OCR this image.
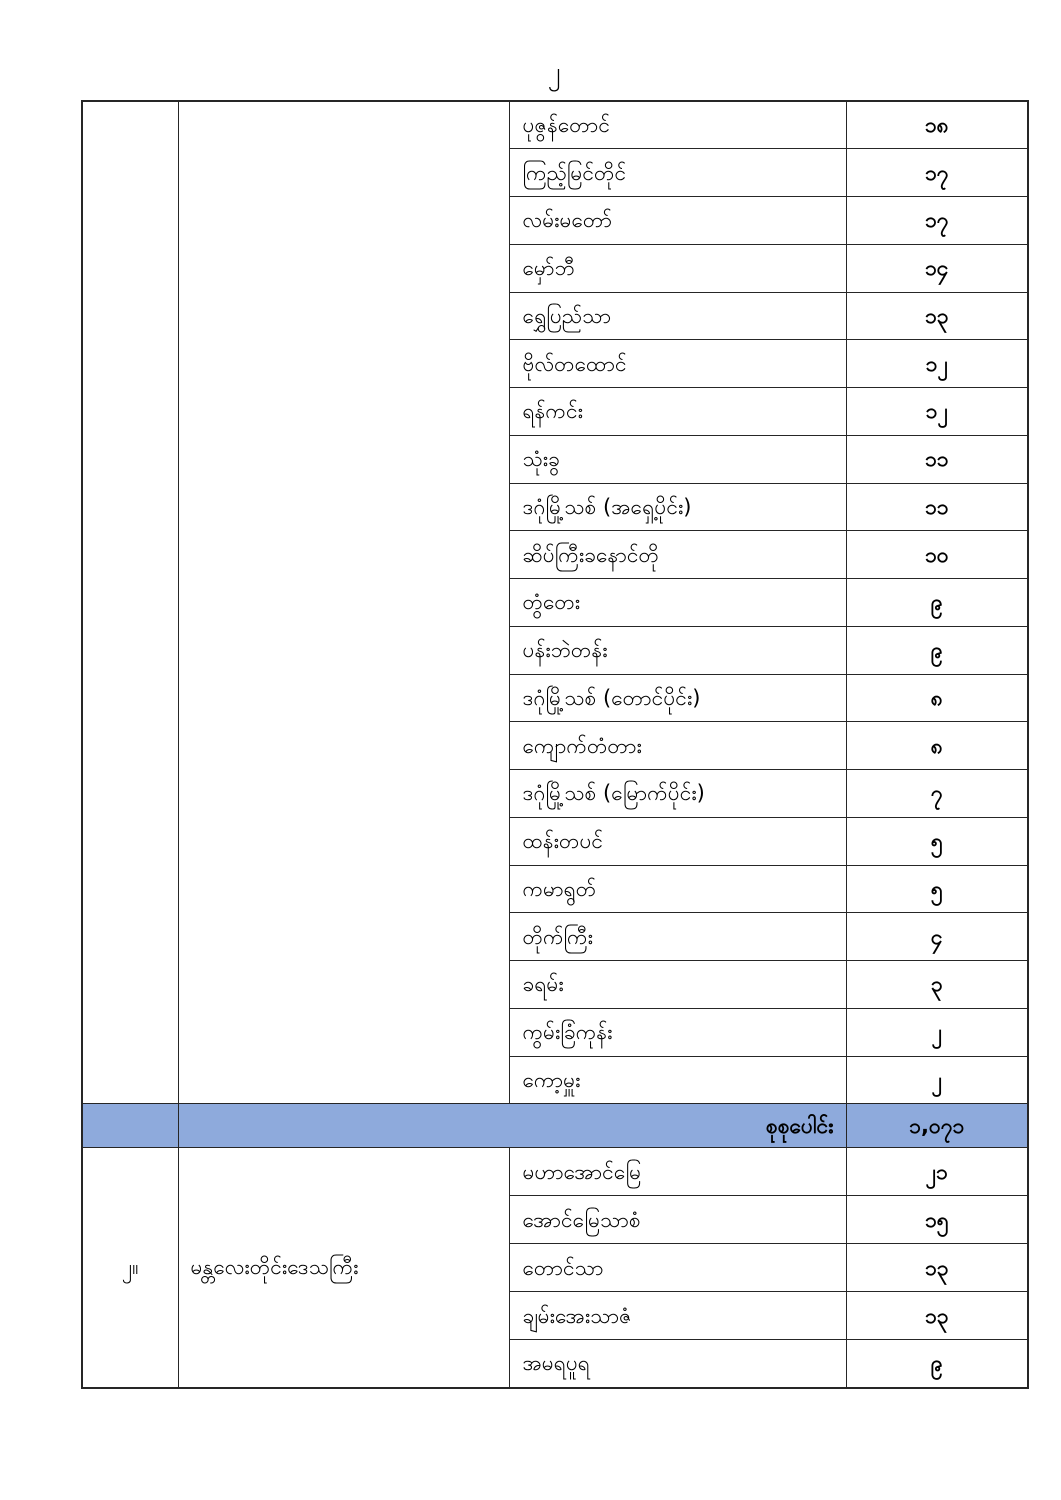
၂
		ပုဇွန်တောင်	၁၈
		ကြည့်မြင်တိုင်	၁၇
		လမ်းမတော်	၁၇
		မှော်ဘီ	၁၄
		ရွှေပြည်သာ	၁၃
		ဗိုလ်တထောင်	၁၂
		ရန်ကင်း	၁၂
		သုံးခွ	၁၁
		ဒဂုံမြို့သစ် (အရှေ့ပိုင်း)	၁၁
		ဆိပ်ကြီးခနောင်တို	၁၀
		တွံတေး	၉
		ပန်းဘဲတန်း	၉
		ဒဂုံမြို့သစ် (တောင်ပိုင်း)	၈
		ကျောက်တံတား	၈
		ဒဂုံမြို့သစ် (မြောက်ပိုင်း)	၇
		ထန်းတပင်	၅
		ကမာရွတ်	၅
		တိုက်ကြီး	၄
		ခရမ်း	၃
		ကွမ်းခြံကုန်း	၂
		ကော့မှူး	၂
	စုစုပေါင်း		၁,၀၇၁
၂။	မန္တလေးတိုင်းဒေသကြီး	မဟာအောင်မြေ	၂၁
		အောင်မြေသာစံ	၁၅
		တောင်သာ	၁၃
		ချမ်းအေးသာဇံ	၁၃
		အမရပူရ	၉
